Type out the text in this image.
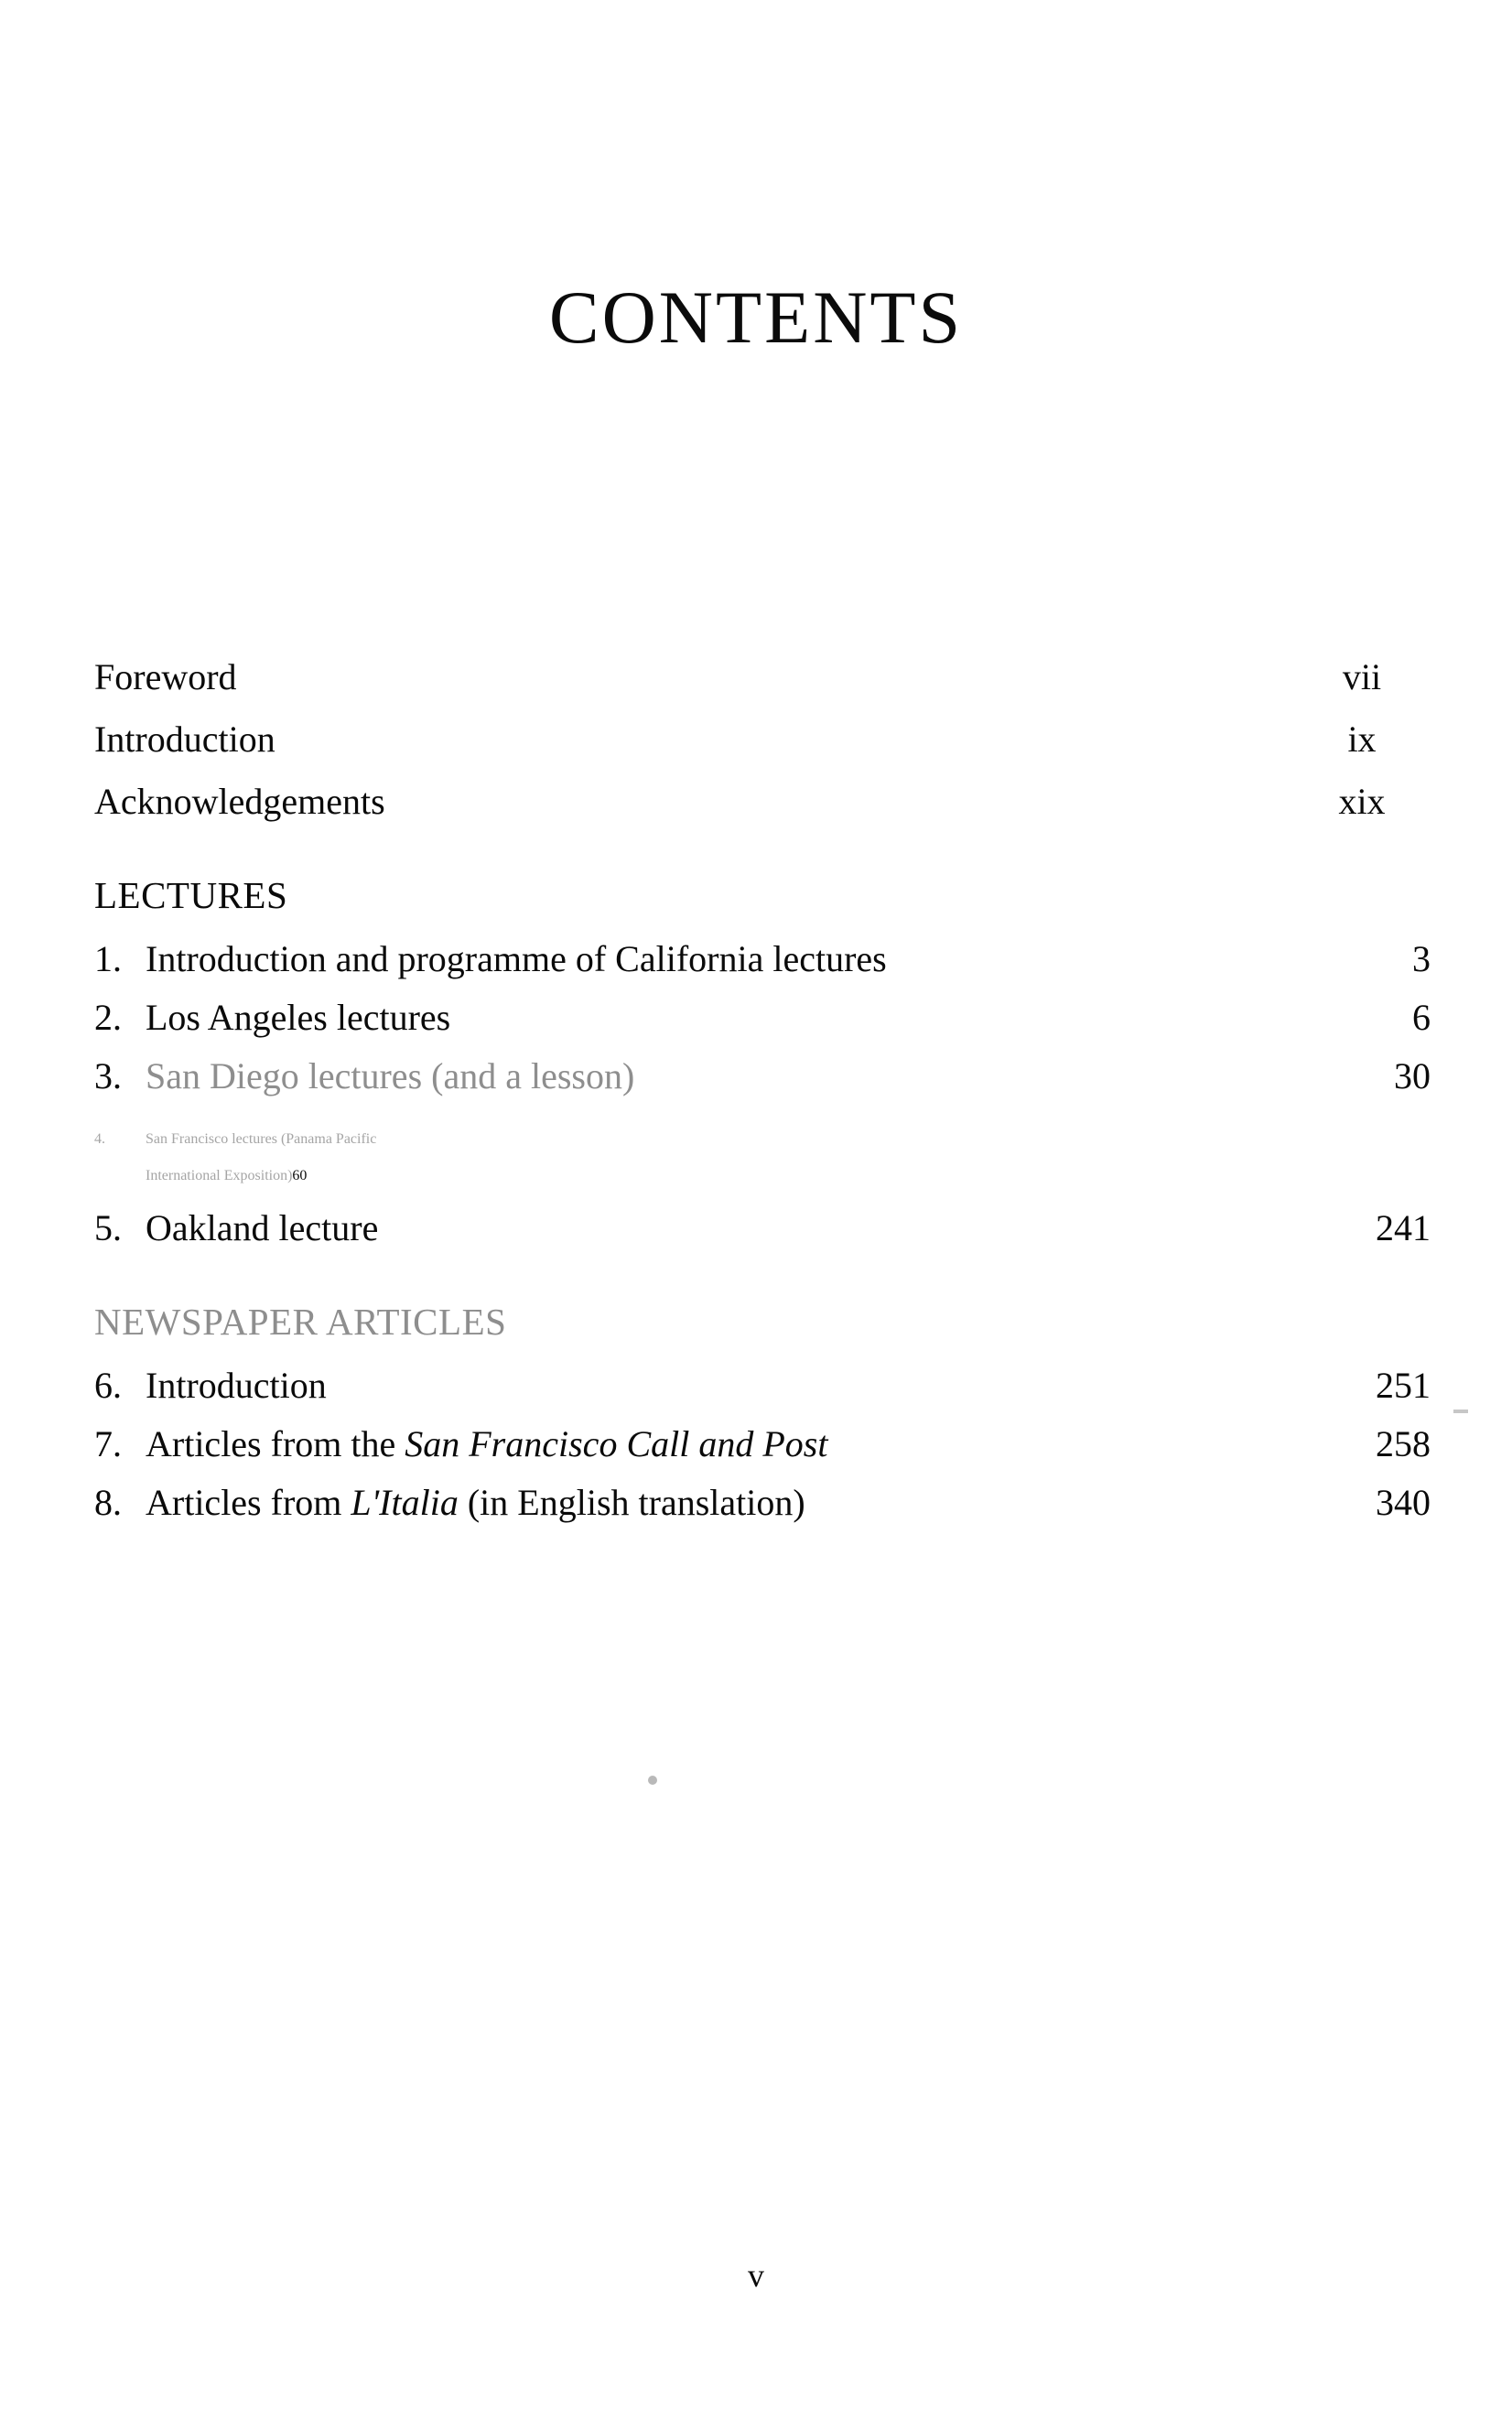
CONTENTS
Foreword	vii
Introduction	ix
Acknowledgements	xix
LECTURES
1. Introduction and programme of California lectures	3
2. Los Angeles lectures	6
3. San Diego lectures (and a lesson)	30
4.	San Francisco lectures (Panama Pacific
International Exposition) 60
5. Oakland lecture	241
NEWSPAPER ARTICLES
6. Introduction	251
7. Articles from the San Francisco Call and Post	258
8. Articles from L'Italia (in English translation)	340
v
